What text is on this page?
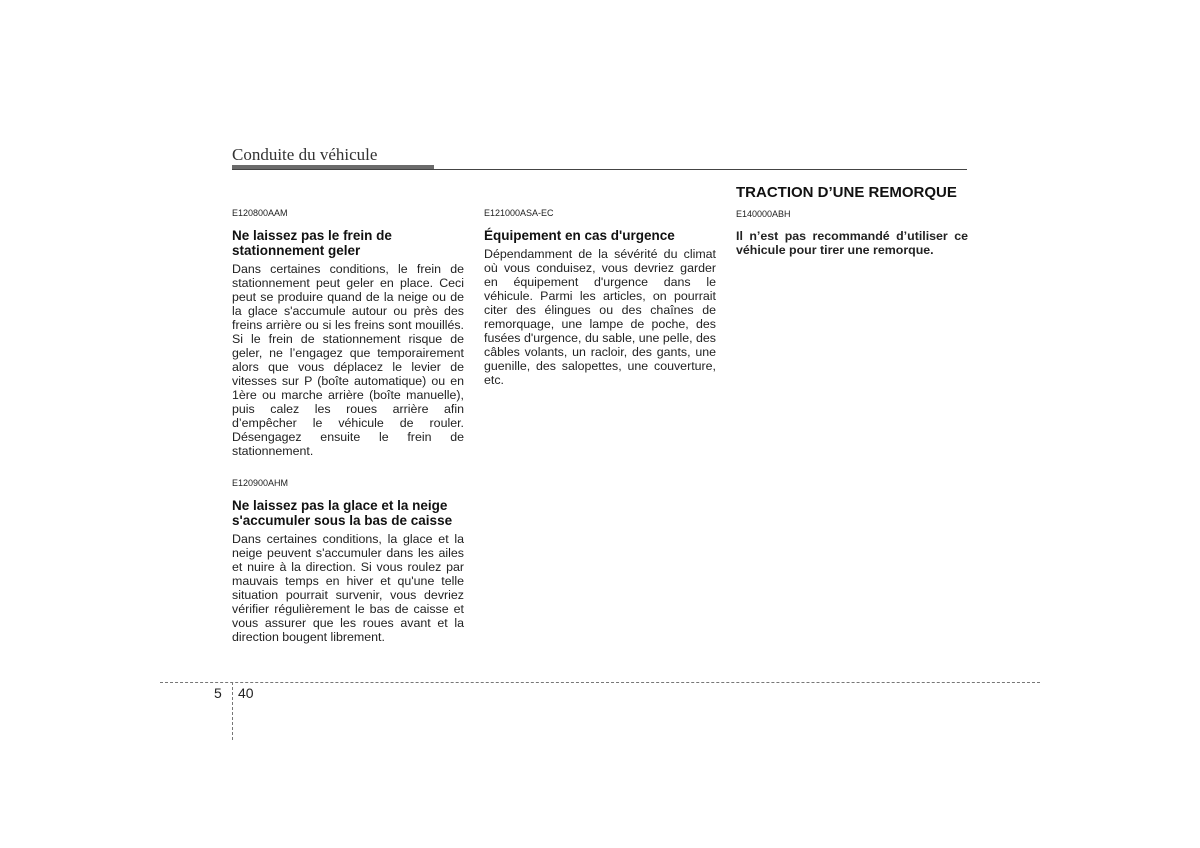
Conduite du véhicule

E120800AAM

Ne laissez pas le frein de stationnement geler

Dans certaines conditions, le frein de stationnement peut geler en place. Ceci peut se produire quand de la neige ou de la glace s'accumule autour ou près des freins arrière ou si les freins sont mouillés. Si le frein de stationnement risque de geler, ne l’engagez que temporairement alors que vous déplacez le levier de vitesses sur P (boîte automatique) ou en 1ère ou marche arrière (boîte manuelle), puis calez les roues arrière afin d’empêcher le véhicule de rouler. Désengagez ensuite le frein de stationnement.

E120900AHM

Ne laissez pas la glace et la neige s'accumuler sous la bas de caisse

Dans certaines conditions, la glace et la neige peuvent s'accumuler dans les ailes et nuire à la direction. Si vous roulez par mauvais temps en hiver et qu'une telle situation pourrait survenir, vous devriez vérifier régulièrement le bas de caisse et vous assurer que les roues avant et la direction bougent librement.

E121000ASA-EC

Équipement en cas d'urgence

Dépendamment de la sévérité du climat où vous conduisez, vous devriez garder en équipement d'urgence dans le véhicule. Parmi les articles, on pourrait citer des élingues ou des chaînes de remorquage, une lampe de poche, des fusées d'urgence, du sable, une pelle, des câbles volants, un racloir, des gants, une guenille, des salopettes, une couverture, etc.

TRACTION D’UNE REMORQUE

E140000ABH

Il n’est pas recommandé d’utiliser ce véhicule pour tirer une remorque.

5 40
